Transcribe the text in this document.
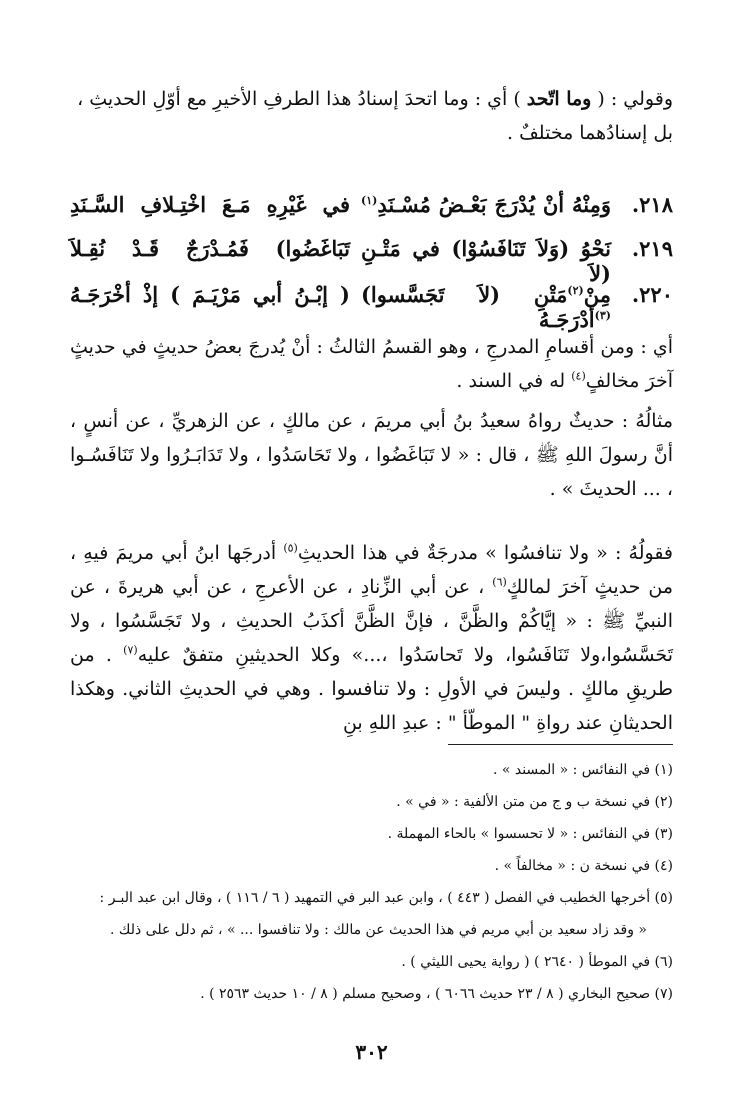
وقولي : ( وما اتّحد ) أي : وما اتحدَ إسنادُ هذا الطرفِ الأخيرِ مع أوّلِ الحديثِ ،
بل إسنادُهما مختلفٌ .
٢١٨.
وَمِنْهُ أنْ يُدْرَجَ بَعْـضُ مُسْـنَدِ$^{(١)}$
في غَيْرِهِ مَـعَ اخْتِـلافِ السَّـنَدِ
٢١٩.
نَحْوُ (وَلاَ تَنَافَسُوْا) في مَتْـنِ (لاَ
تَبَاغَضُوا) فَمُـدْرَجٌ قَـدْ نُقِـلاَ
٢٢٠.
مِنْ$^{(٢)}$مَتْنِ (لاَ تَجَسَّسوا)$^{(٣)}$أدْرَجَـهُ
( إبْـنُ أبي مَرْيَـمَ ) إذْ أخْرَجَـهُ
أي : ومن أقسامِ المدرجِ ، وهو القسمُ الثالثُ : أنْ يُدرجَ بعضُ حديثٍ في حديثٍ آخرَ مخالفٍ$^{(٤)}$ له في السند .
مثالُهُ : حديثٌ رواهُ سعيدُ بنُ أبي مريمَ ، عن مالكٍ ، عن الزهريِّ ، عن أنسٍ ، أنَّ رسولَ اللهِ ﷺ ، قال : « لا تَبَاغَضُوا ، ولا تَحَاسَدُوا ، ولا تَدَابَـرُوا ولا تَنَافَسُـوا ، ... الحديثَ » .
فقولُهُ : « ولا تنافسُوا » مدرجَةٌ في هذا الحديثِ$^{(٥)}$ أدرجَها ابنُ أبي مريمَ فيهِ ، من حديثٍ آخرَ لمالكٍ$^{(٦)}$ ، عن أبي الزِّنادِ ، عن الأعرجِ ، عن أبي هريرةَ ، عن النبيِّ ﷺ : « إيَّاكُمْ والظَّنَّ ، فإنَّ الظَّنَّ أكذَبُ الحديثِ ، ولا تَجَسَّسُوا ، ولا تَحَسَّسُوا،ولا تَنَافَسُوا، ولا تَحاسَدُوا ،...» وكلا الحديثينِ متفقٌ عليه$^{(٧)}$ . من طريقِ مالكٍ . وليسَ في الأولِ : ولا تنافسوا . وهي في الحديثِ الثاني. وهكذا الحديثانِ عند رواةِ " الموطّأ " : عبدِ اللهِ بنِ
(١) في النفائس : « المسند » .
(٢) في نسخة ب و ج من متن الألفية : « في » .
(٣) في النفائس : « لا تحسسوا » بالحاء المهملة .
(٤) في نسخة ن : « مخالفاً » .
(٥) أخرجها الخطيب في الفصل ( ٤٤٣ ) ، وابن عبد البر في التمهيد ( ٦ / ١١٦ ) ، وقال ابن عبد البـر :
« وقد زاد سعيد بن أبي مريم في هذا الحديث عن مالك : ولا تنافسوا ... » ، ثم دلل على ذلك .
(٦) في الموطأ ( ٢٦٤٠ ) ( رواية يحيى الليثي ) .
(٧) صحيح البخاري ( ٨ / ٢٣ حديث ٦٠٦٦ ) ، وصحيح مسلم ( ٨ / ١٠ حديث ٢٥٦٣ ) .
٣٠٢
